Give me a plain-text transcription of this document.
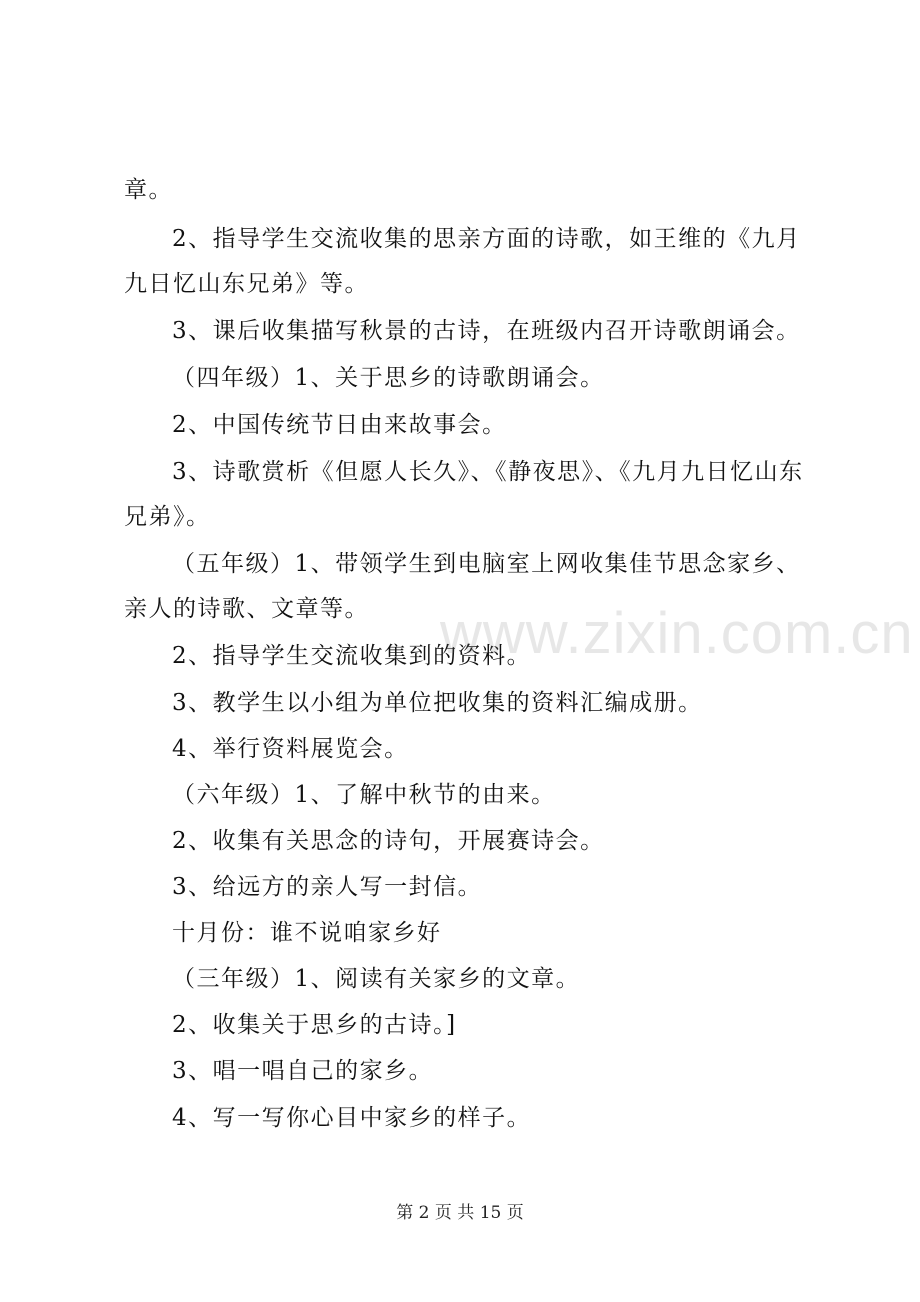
章。
2、指导学生交流收集的思亲方面的诗歌，如王维的《九月
九日忆山东兄弟》等。
3、课后收集描写秋景的古诗，在班级内召开诗歌朗诵会。
（四年级）1、关于思乡的诗歌朗诵会。
2、中国传统节日由来故事会。
3、诗歌赏析《但愿人长久》、《静夜思》、《九月九日忆山东
兄弟》。
（五年级）1、带领学生到电脑室上网收集佳节思念家乡、
亲人的诗歌、文章等。
2、指导学生交流收集到的资料。
3、教学生以小组为单位把收集的资料汇编成册。
4、举行资料展览会。
（六年级）1、了解中秋节的由来。
2、收集有关思念的诗句，开展赛诗会。
3、给远方的亲人写一封信。
十月份：谁不说咱家乡好
（三年级）1、阅读有关家乡的文章。
2、收集关于思乡的古诗。]
3、唱一唱自己的家乡。
4、写一写你心目中家乡的样子。
www.zixin.com.cn
第 2 页 共 15 页
